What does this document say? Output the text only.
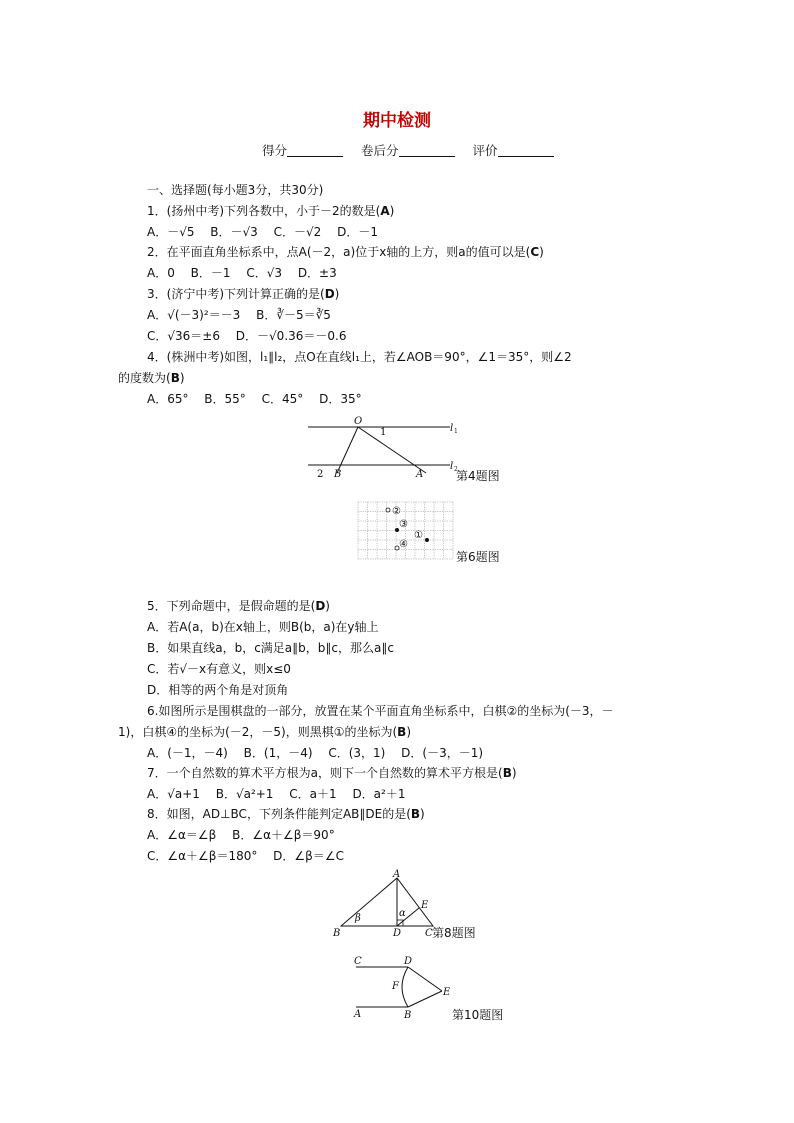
期中检测
得分	卷后分	评价
一、选择题(每小题3分，共30分)
1．(扬州中考)下列各数中，小于－2的数是(A)
A．－√5　 B．－√3　 C．－√2　 D．－1
2．在平面直角坐标系中，点A(－2，a)位于x轴的上方，则a的值可以是(C)
A．0　 B．－1　 C．√3　 D．±3
3．(济宁中考)下列计算正确的是(D)
A．√(－3)²＝－3　 B．∛－5＝∛5
C．√36＝±6　 D．－√0.36＝－0.6
4．(株洲中考)如图，l₁∥l₂，点O在直线l₁上，若∠AOB＝90°，∠1＝35°，则∠2
的度数为(B)
A．65°　 B．55°　 C．45°　 D．35°
O
1	l 1
l 2
2 B	A	第4题图
②
③
①
④
第6题图
5．下列命题中，是假命题的是(D)
A．若A(a，b)在x轴上，则B(b，a)在y轴上
B．如果直线a，b，c满足a∥b，b∥c，那么a∥c
C．若√－x有意义，则x≤0
D．相等的两个角是对顶角
6.如图所示是围棋盘的一部分，放置在某个平面直角坐标系中，白棋②的坐标为(－3，－
1)，白棋④的坐标为(－2，－5)，则黑棋①的坐标为(B)
A．(－1，－4)　 B．(1，－4)　 C．(3，1)　 D．(－3，－1)
7．一个自然数的算术平方根为a，则下一个自然数的算术平方根是(B)
A．√a+1　 B．√a²+1　 C．a＋1　 D．a²＋1
8．如图，AD⊥BC，下列条件能判定AB∥DE的是(B)
A．∠α＝∠β　 B．∠α＋∠β＝90°
C．∠α＋∠β＝180°　 D．∠β＝∠C
A
E
β	α
B	D C 第8题图
C	D
F
E
A	B	第10题图
